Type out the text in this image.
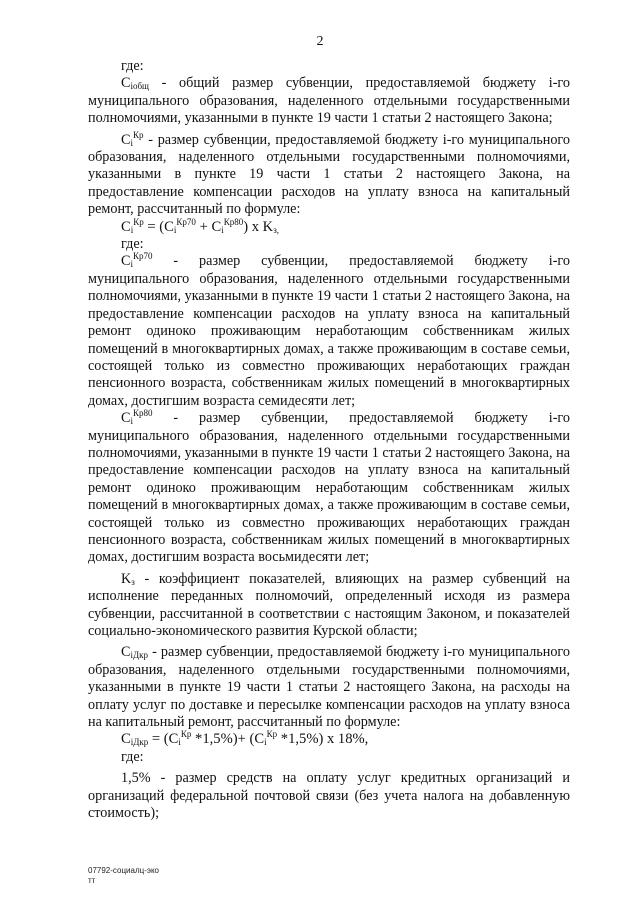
2

где:

$C_{iобщ}$ - общий размер субвенции, предоставляемой бюджету i-го муниципального образования, наделенного отдельными государственными полномочиями, указанными в пункте 19 части 1 статьи 2 настоящего Закона;

$C_i^{Кр}$ - размер субвенции, предоставляемой бюджету i-го муниципального образования, наделенного отдельными государственными полномочиями, указанными в пункте 19 части 1 статьи 2 настоящего Закона, на предоставление компенсации расходов на уплату взноса на капитальный ремонт, рассчитанный по формуле:

$C_i^{Кр} = (C_i^{Кр70} + C_i^{Кр80})$ x $K_{з,}$

где:

$C_i^{Кр70}$ - размер субвенции, предоставляемой бюджету i-го муниципального образования, наделенного отдельными государственными полномочиями, указанными в пункте 19 части 1 статьи 2 настоящего Закона, на предоставление компенсации расходов на уплату взноса на капитальный ремонт одиноко проживающим неработающим собственникам жилых помещений в многоквартирных домах, а также проживающим в составе семьи, состоящей только из совместно проживающих неработающих граждан пенсионного возраста, собственникам жилых помещений в многоквартирных домах, достигшим возраста семидесяти лет;

$C_i^{Кр80}$ - размер субвенции, предоставляемой бюджету i-го муниципального образования, наделенного отдельными государственными полномочиями, указанными в пункте 19 части 1 статьи 2 настоящего Закона, на предоставление компенсации расходов на уплату взноса на капитальный ремонт одиноко проживающим неработающим собственникам жилых помещений в многоквартирных домах, а также проживающим в составе семьи, состоящей только из совместно проживающих неработающих граждан пенсионного возраста, собственникам жилых помещений в многоквартирных домах, достигшим возраста восьмидесяти лет;

$K_з$ - коэффициент показателей, влияющих на размер субвенций на исполнение переданных полномочий, определенный исходя из размера субвенции, рассчитанной в соответствии с настоящим Законом, и показателей социально-экономического развития Курской области;

$C_{iДкр}$ - размер субвенции, предоставляемой бюджету i-го муниципального образования, наделенного отдельными государственными полномочиями, указанными в пункте 19 части 1 статьи 2 настоящего Закона, на расходы на оплату услуг по доставке и пересылке компенсации расходов на уплату взноса на капитальный ремонт, рассчитанный по формуле:

$C_{iДкр} = (C_i^{Кр}$ $*1,5\%)+ (C_i^{Кр}$ *1,5%) x 18%,

где:

1,5% - размер средств на оплату услуг кредитных организаций и организаций федеральной почтовой связи (без учета налога на добавленную стоимость);

07792-социалц-эко
тт
